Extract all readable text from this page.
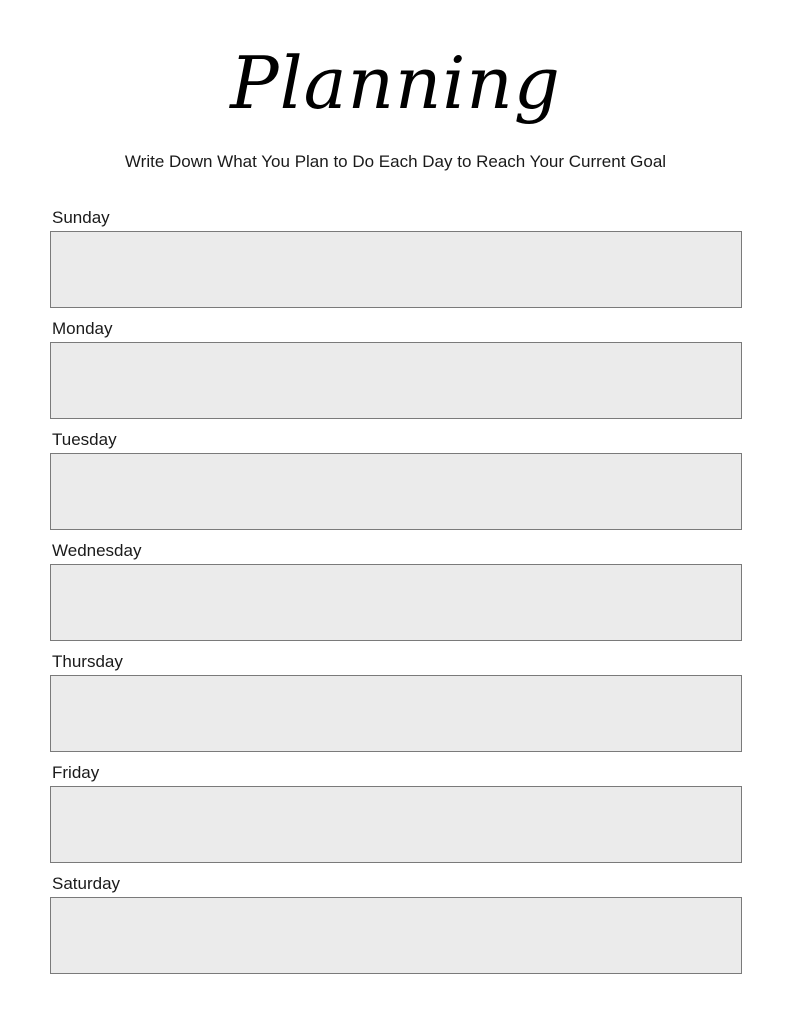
Planning
Write Down What You Plan to Do Each Day to Reach Your Current Goal
Sunday
Monday
Tuesday
Wednesday
Thursday
Friday
Saturday
